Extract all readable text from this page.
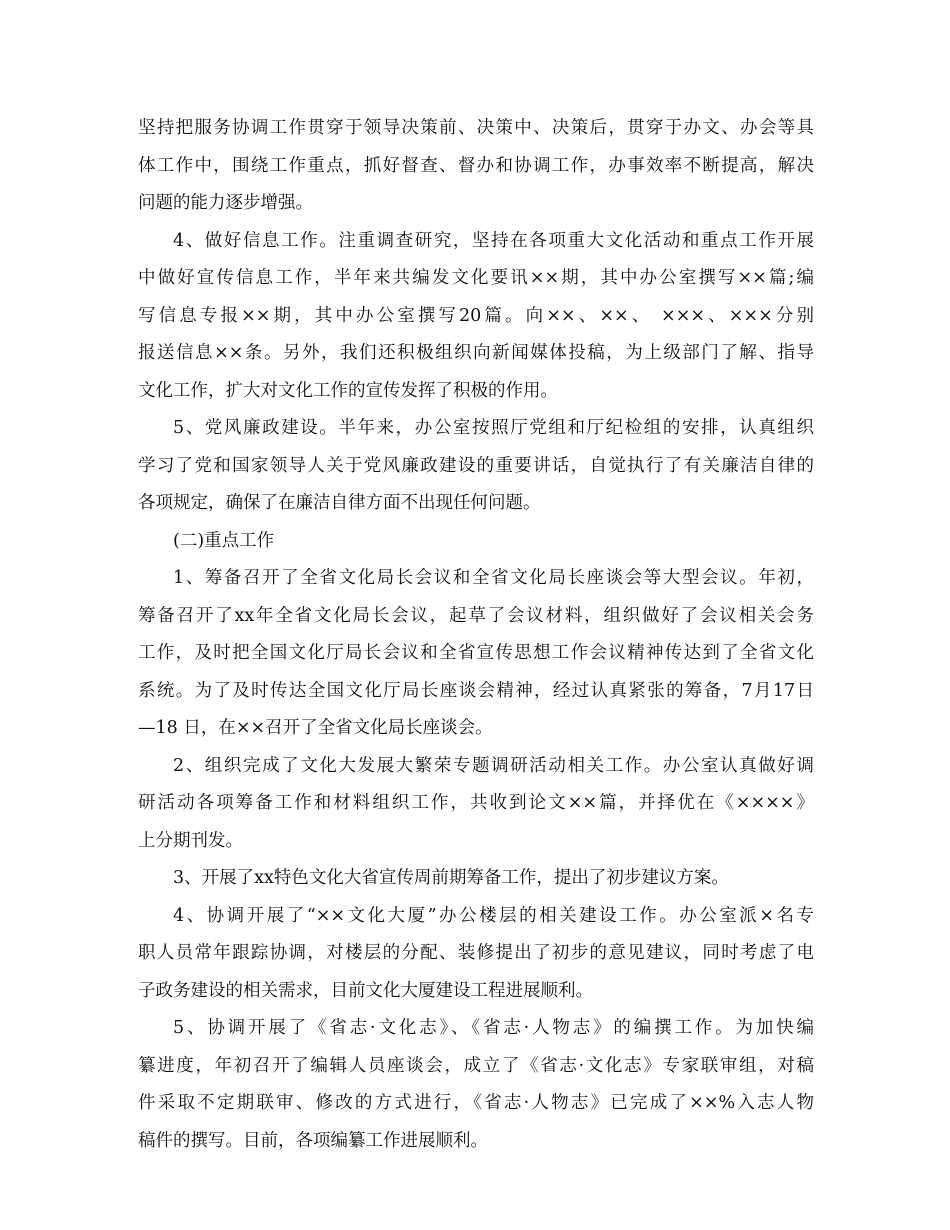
坚持把服务协调工作贯穿于领导决策前、决策中、决策后，贯穿于办文、办会等具
体工作中，围绕工作重点，抓好督查、督办和协调工作，办事效率不断提高，解决
问题的能力逐步增强。
4、做好信息工作。注重调查研究，坚持在各项重大文化活动和重点工作开展
中做好宣传信息工作，半年来共编发文化要讯××期，其中办公室撰写××篇;编
写信息专报××期，其中办公室撰写20篇。向××、××、 ×××、×××分别
报送信息××条。另外，我们还积极组织向新闻媒体投稿，为上级部门了解、指导
文化工作，扩大对文化工作的宣传发挥了积极的作用。
5、党风廉政建设。半年来，办公室按照厅党组和厅纪检组的安排，认真组织
学习了党和国家领导人关于党风廉政建设的重要讲话，自觉执行了有关廉洁自律的
各项规定，确保了在廉洁自律方面不出现任何问题。
(二)重点工作
1、筹备召开了全省文化局长会议和全省文化局长座谈会等大型会议。年初，
筹备召开了xx年全省文化局长会议，起草了会议材料，组织做好了会议相关会务
工作，及时把全国文化厅局长会议和全省宣传思想工作会议精神传达到了全省文化
系统。为了及时传达全国文化厅局长座谈会精神，经过认真紧张的筹备，7月17日
—18 日，在××召开了全省文化局长座谈会。
2、组织完成了文化大发展大繁荣专题调研活动相关工作。办公室认真做好调
研活动各项筹备工作和材料组织工作，共收到论文××篇，并择优在《××××》
上分期刊发。
3、开展了xx特色文化大省宣传周前期筹备工作，提出了初步建议方案。
4、协调开展了“××文化大厦”办公楼层的相关建设工作。办公室派×名专
职人员常年跟踪协调，对楼层的分配、装修提出了初步的意见建议，同时考虑了电
子政务建设的相关需求，目前文化大厦建设工程进展顺利。
5、协调开展了《省志·文化志》、《省志·人物志》的编撰工作。为加快编
纂进度，年初召开了编辑人员座谈会，成立了《省志·文化志》专家联审组，对稿
件采取不定期联审、修改的方式进行，《省志·人物志》已完成了××%入志人物
稿件的撰写。目前，各项编纂工作进展顺利。
